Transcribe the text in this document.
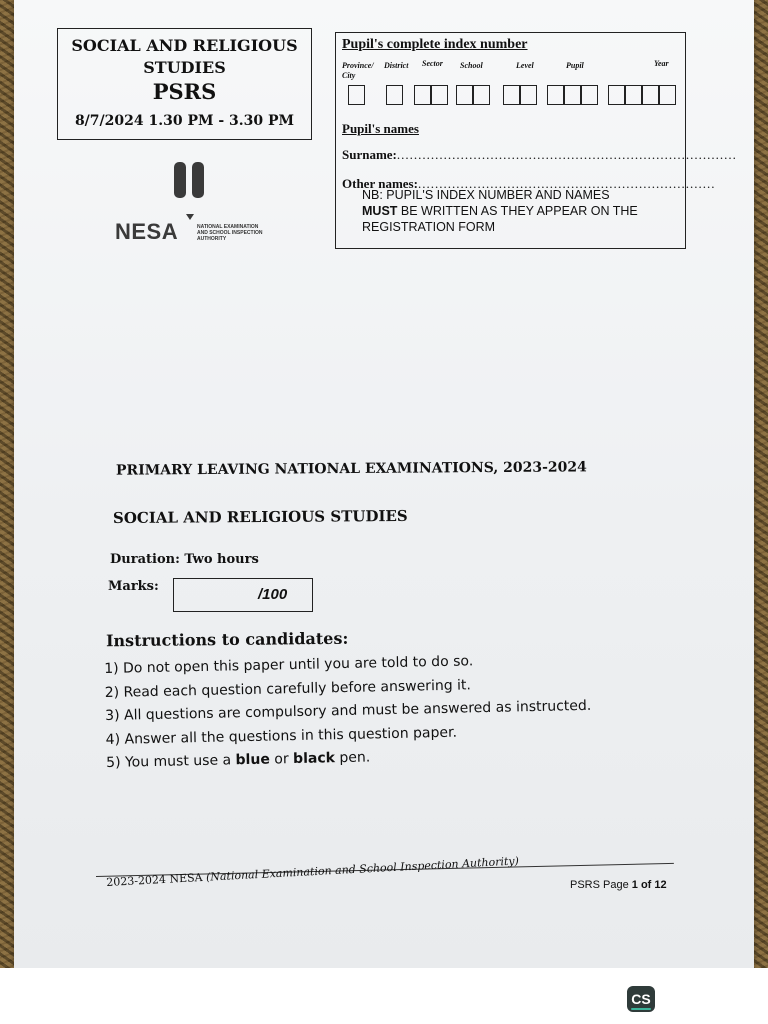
SOCIAL AND RELIGIOUS
STUDIES
PSRS
8/7/2024 1.30 PM - 3.30 PM
Pupil's complete index number
Province/
City
District Sector School	Level	Pupil	Year
Pupil's names
Surname:................................................................................
Other names:......................................................................
NB: PUPIL'S INDEX NUMBER AND NAMES
MUST BE WRITTEN AS THEY APPEAR ON THE
REGISTRATION FORM
NESA	NATIONAL EXAMINATION
AND SCHOOL INSPECTION
AUTHORITY
PRIMARY LEAVING NATIONAL EXAMINATIONS, 2023-2024
SOCIAL AND RELIGIOUS STUDIES
Duration: Two hours
Marks:	/100
Instructions to candidates:
1) Do not open this paper until you are told to do so.
2) Read each question carefully before answering it.
3) All questions are compulsory and must be answered as instructed.
4) Answer all the questions in this question paper.
5) You must use a blue or black pen.
2023-2024 NESA (National Examination and School Inspection Authority)
PSRS Page 1 of 12
CS
